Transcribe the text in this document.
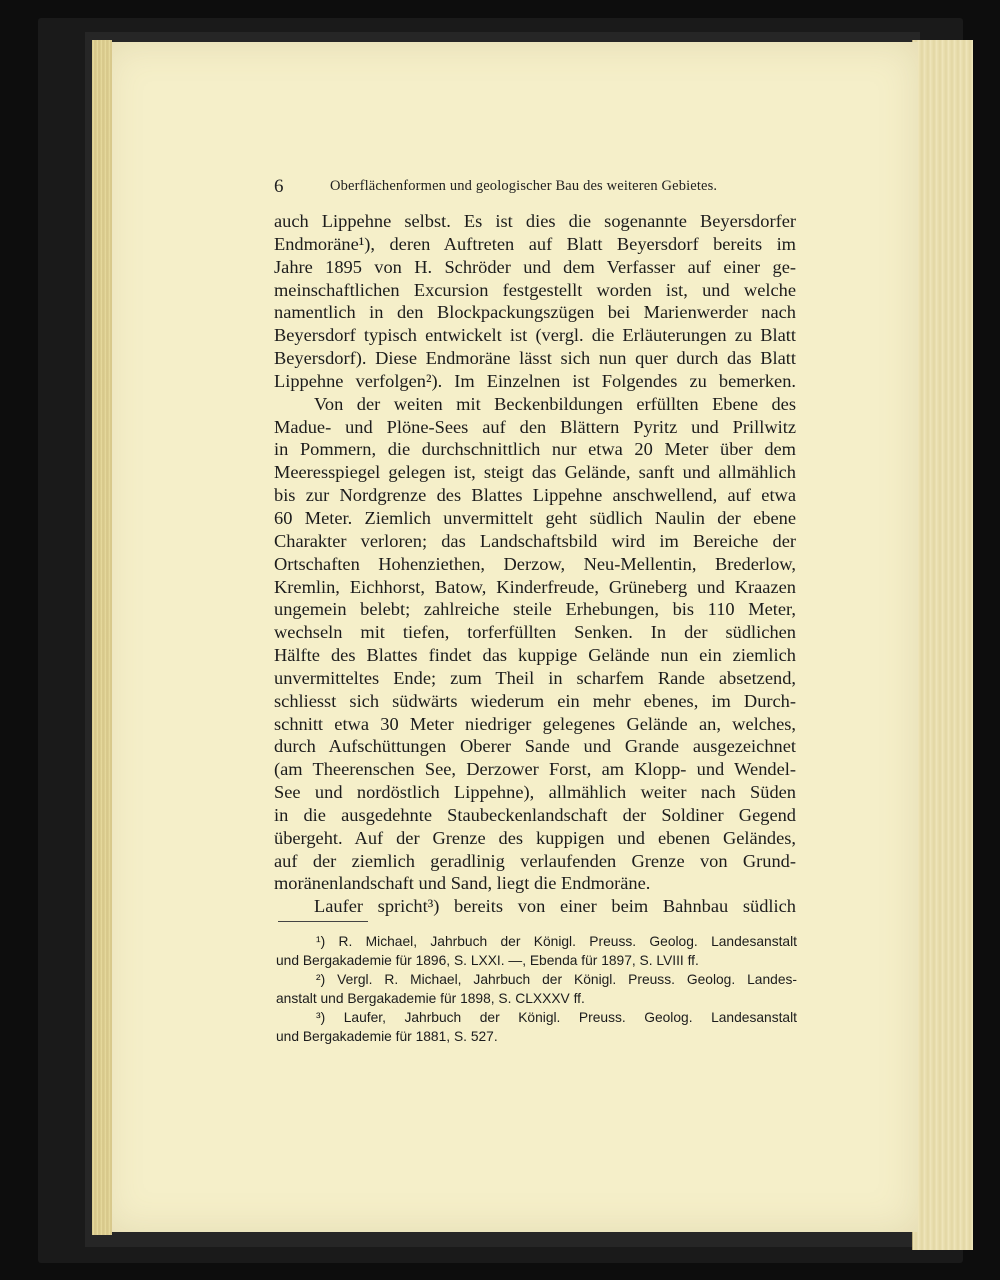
6	Oberflächenformen und geologischer Bau des weiteren Gebietes.
auch Lippehne selbst. Es ist dies die sogenannte Beyersdorfer
Endmoräne¹), deren Auftreten auf Blatt Beyersdorf bereits im
Jahre 1895 von H. Schröder und dem Verfasser auf einer ge-
meinschaftlichen Excursion festgestellt worden ist, und welche
namentlich in den Blockpackungszügen bei Marienwerder nach
Beyersdorf typisch entwickelt ist (vergl. die Erläuterungen zu Blatt
Beyersdorf). Diese Endmoräne lässt sich nun quer durch das Blatt
Lippehne verfolgen²). Im Einzelnen ist Folgendes zu bemerken.
Von der weiten mit Beckenbildungen erfüllten Ebene des
Madue- und Plöne-Sees auf den Blättern Pyritz und Prillwitz
in Pommern, die durchschnittlich nur etwa 20 Meter über dem
Meeresspiegel gelegen ist, steigt das Gelände, sanft und allmählich
bis zur Nordgrenze des Blattes Lippehne anschwellend, auf etwa
60 Meter. Ziemlich unvermittelt geht südlich Naulin der ebene
Charakter verloren; das Landschaftsbild wird im Bereiche der
Ortschaften Hohenziethen, Derzow, Neu-Mellentin, Brederlow,
Kremlin, Eichhorst, Batow, Kinderfreude, Grüneberg und Kraazen
ungemein belebt; zahlreiche steile Erhebungen, bis 110 Meter,
wechseln mit tiefen, torferfüllten Senken. In der südlichen
Hälfte des Blattes findet das kuppige Gelände nun ein ziemlich
unvermitteltes Ende; zum Theil in scharfem Rande absetzend,
schliesst sich südwärts wiederum ein mehr ebenes, im Durch-
schnitt etwa 30 Meter niedriger gelegenes Gelände an, welches,
durch Aufschüttungen Oberer Sande und Grande ausgezeichnet
(am Theerenschen See, Derzower Forst, am Klopp- und Wendel-
See und nordöstlich Lippehne), allmählich weiter nach Süden
in die ausgedehnte Staubeckenlandschaft der Soldiner Gegend
übergeht. Auf der Grenze des kuppigen und ebenen Geländes,
auf der ziemlich geradlinig verlaufenden Grenze von Grund-
moränenlandschaft und Sand, liegt die Endmoräne.
Laufer spricht³) bereits von einer beim Bahnbau südlich
¹) R. Michael, Jahrbuch der Königl. Preuss. Geolog. Landesanstalt
und Bergakademie für 1896, S. LXXI. —, Ebenda für 1897, S. LVIII ff.
²) Vergl. R. Michael, Jahrbuch der Königl. Preuss. Geolog. Landes-
anstalt und Bergakademie für 1898, S. CLXXXV ff.
³) Laufer, Jahrbuch der Königl. Preuss. Geolog. Landesanstalt
und Bergakademie für 1881, S. 527.
